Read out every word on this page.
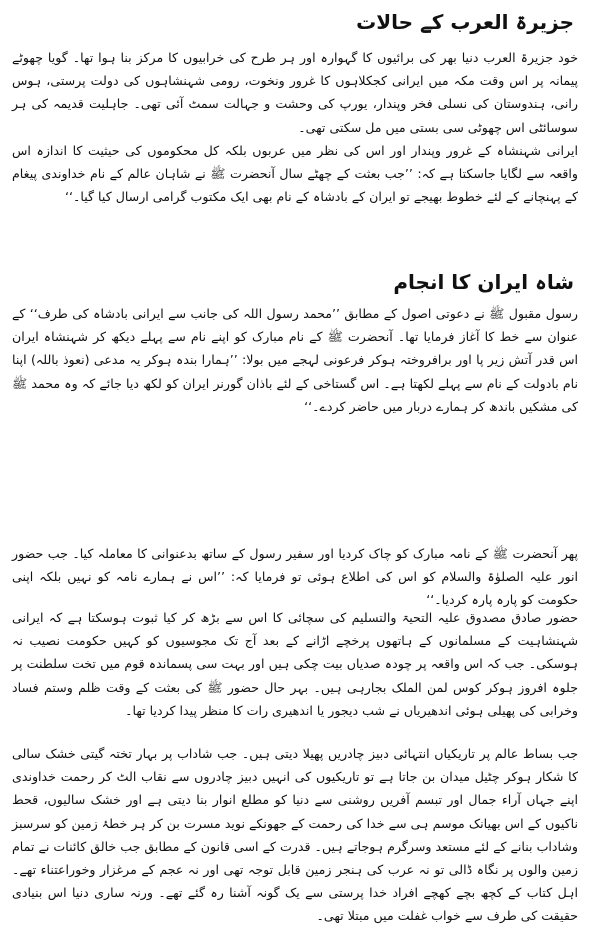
جزیرۃ العرب کے حالات

خود جزیرۃ العرب دنیا بھر کی برائیوں کا گہوارہ اور ہر طرح کی خرابیوں کا مرکز بنا ہوا تھا۔ گویا چھوٹے پیمانہ پر اس وقت مکہ میں ایرانی کجکلاہوں کا غرور ونخوت، رومی شہنشاہوں کی دولت پرستی، ہوس رانی، ہندوستان کی نسلی فخر وپندار، یورپ کی وحشت و جہالت سمٹ آئی تھی۔ جاہلیت قدیمہ کی ہر سوسائٹی اس چھوٹی سی بستی میں مل سکتی تھی۔

ایرانی شہنشاہ کے غرور وپندار اور اس کی نظر میں عربوں بلکہ کل محکوموں کی حیثیت کا اندازہ اس واقعہ سے لگایا جاسکتا ہے کہ: ’’جب بعثت کے چھٹے سال آنحضرت ﷺ نے شاہان عالم کے نام خداوندی پیغام کے پہنچانے کے لئے خطوط بھیجے تو ایران کے بادشاہ کے نام بھی ایک مکتوب گرامی ارسال کیا گیا۔‘‘

شاہ ایران کا انجام

رسول مقبول ﷺ نے دعوتی اصول کے مطابق ’’محمد رسول اللہ کی جانب سے ایرانی بادشاہ کی طرف‘‘ کے عنوان سے خط کا آغاز فرمایا تھا۔ آنحضرت ﷺ کے نام مبارک کو اپنے نام سے پہلے دیکھ کر شہنشاہ ایران اس قدر آتش زیر پا اور برافروختہ ہوکر فرعونی لہجے میں بولا: ’’ہمارا بندہ ہوکر یہ مدعی (نعوذ باللہ) اپنا نام بادولت کے نام سے پہلے لکھتا ہے۔ اس گستاخی کے لئے باذان گورنر ایران کو لکھ دیا جائے کہ وہ محمد ﷺ کی مشکیں باندھ کر ہمارے دربار میں حاضر کردے۔‘‘

پھر آنحضرت ﷺ کے نامہ مبارک کو چاک کردیا اور سفیر رسول کے ساتھ بدعنوانی کا معاملہ کیا۔ جب حضور انور علیہ الصلوٰۃ والسلام کو اس کی اطلاع ہوئی تو فرمایا کہ: ’’اس نے ہمارے نامہ کو نہیں بلکہ اپنی حکومت کو پارہ پارہ کردیا۔‘‘

حضور صادق مصدوق علیہ التحیۃ والتسلیم کی سچائی کا اس سے بڑھ کر کیا ثبوت ہوسکتا ہے کہ ایرانی شہنشاہیت کے مسلمانوں کے ہاتھوں پرخچے اڑانے کے بعد آج تک مجوسیوں کو کہیں حکومت نصیب نہ ہوسکی۔ جب کہ اس واقعہ پر چودہ صدیاں بیت چکی ہیں اور بہت سی پسماندہ قوم میں تخت سلطنت پر جلوہ افروز ہوکر کوس لمن الملک بجارہی ہیں۔ بہر حال حضور ﷺ کی بعثت کے وقت ظلم وستم فساد وخرابی کی پھیلی ہوئی اندھیریاں نے شب دیجور یا اندھیری رات کا منظر پیدا کردیا تھا۔

جب بساط عالم پر تاریکیاں انتہائی دبیز چادریں پھیلا دیتی ہیں۔ جب شاداب پر بہار تختہ گیتی خشک سالی کا شکار ہوکر چٹیل میدان بن جاتا ہے تو تاریکیوں کی انہیں دبیز چادروں سے نقاب الٹ کر رحمت خداوندی اپنے جہاں آراء جمال اور تبسم آفریں روشنی سے دنیا کو مطلع انوار بنا دیتی ہے اور خشک سالیوں، قحط ناکیوں کے اس بھیانک موسم ہی سے خدا کی رحمت کے جھونکے نوید مسرت بن کر ہر خطۂ زمین کو سرسبز وشاداب بنانے کے لئے مستعد وسرگرم ہوجاتے ہیں۔ قدرت کے اسی قانون کے مطابق جب خالق کائنات نے تمام زمین والوں پر نگاہ ڈالی تو نہ عرب کی ہنجر زمین قابل توجہ تھی اور نہ عجم کے مرغزار وخوراعتناء تھے۔ اہل کتاب کے کچھ بچے کھچے افراد خدا پرستی سے یک گونہ آشنا رہ گئے تھے۔ ورنہ ساری دنیا اس بنیادی حقیقت کی طرف سے خواب غفلت میں مبتلا تھی۔
